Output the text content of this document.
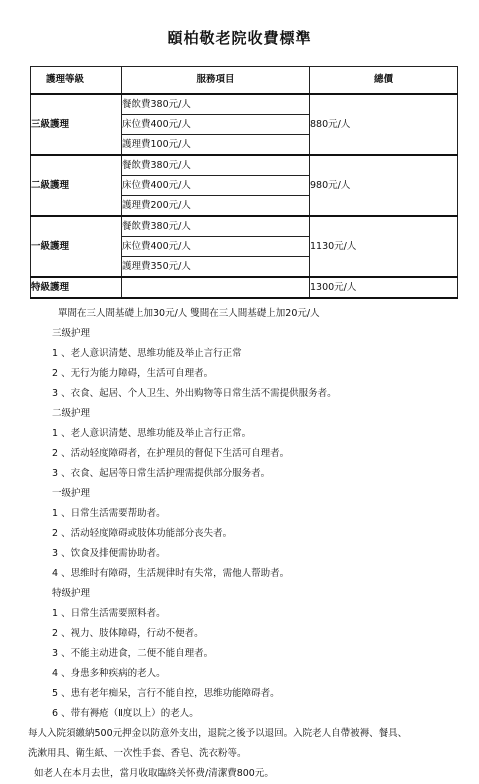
頤柏敬老院收費標準
護理等級	服務項目	總價
三級護理	餐飲費380元/人	880元/人
	床位費400元/人	
	護理費100元/人	
二級護理	餐飲費380元/人	980元/人
	床位費400元/人	
	護理費200元/人	
一級護理	餐飲費380元/人	1130元/人
	床位費400元/人	
	護理費350元/人	
特級護理		1300元/人
單間在三人間基礎上加30元/人 雙間在三人間基礎上加20元/人
三级护理
1 、老人意识清楚、思维功能及举止言行正常
2 、无行为能力障碍，生活可自理者。
3 、衣食、起居、个人卫生、外出购物等日常生活不需提供服务者。
二级护理
1 、老人意识清楚、思维功能及举止言行正常。
2 、活动轻度障碍者，在护理员的督促下生活可自理者。
3 、衣食、起居等日常生活护理需提供部分服务者。
一级护理
1 、日常生活需要帮助者。
2 、活动轻度障碍或肢体功能部分丧失者。
3 、饮食及排便需协助者。
4 、思维时有障碍，生活规律时有失常，需他人帮助者。
特级护理
1 、日常生活需要照料者。
2 、视力、肢体障碍，行动不便者。
3 、不能主动进食，二便不能自理者。
4 、身患多种疾病的老人。
5 、患有老年痴呆，言行不能自控，思维功能障碍者。
6 、带有褥疮（Ⅱ度以上）的老人。
每人入院須繳納500元押金以防意外支出，退院之後予以退回。入院老人自帶被褥、餐具、
洗漱用具、衛生紙、一次性手套、香皂、洗衣粉等。
如老人在本月去世，當月收取臨終关怀费/清潔費800元。
